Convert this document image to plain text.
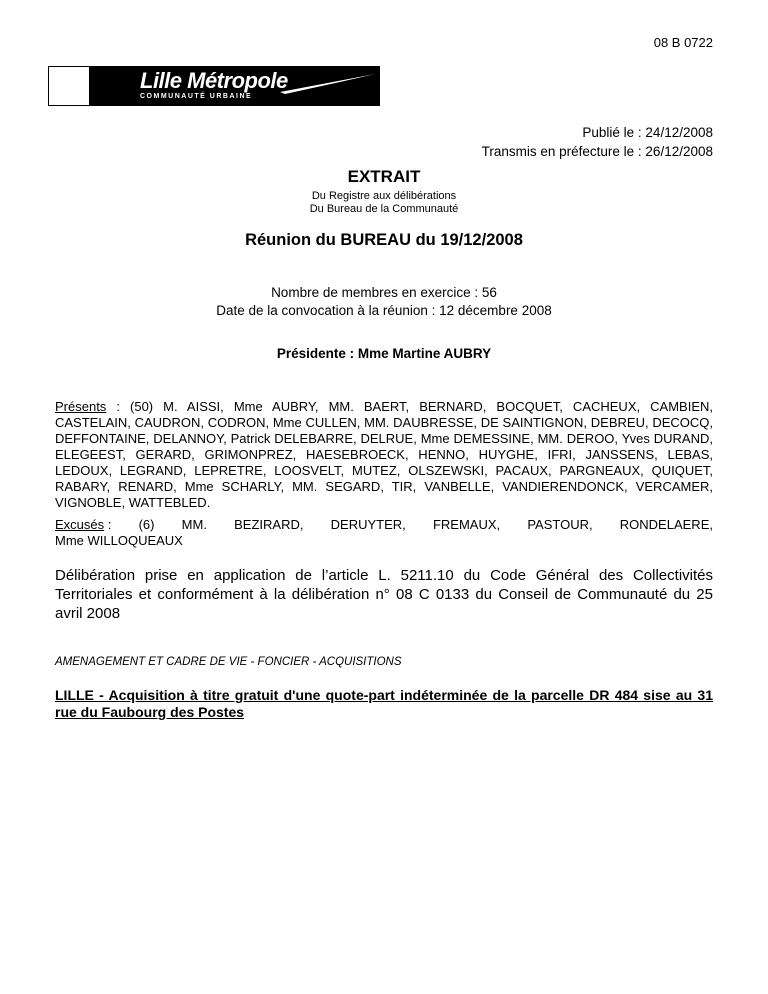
08 B 0722
Lille Métropole
COMMUNAUTÉ URBAINE
Publié le : 24/12/2008
Transmis en préfecture le : 26/12/2008
EXTRAIT
Du Registre aux délibérations
Du Bureau de la Communauté
Réunion du BUREAU du 19/12/2008
Nombre de membres en exercice : 56
Date de la convocation à la réunion : 12 décembre 2008
Présidente : Mme Martine AUBRY
Présents : (50) M. AISSI, Mme AUBRY, MM. BAERT, BERNARD, BOCQUET, CACHEUX, CAMBIEN, CASTELAIN, CAUDRON, CODRON, Mme CULLEN, MM. DAUBRESSE, DE SAINTIGNON, DEBREU, DECOCQ, DEFFONTAINE, DELANNOY, Patrick DELEBARRE, DELRUE, Mme DEMESSINE, MM. DEROO, Yves DURAND, ELEGEEST, GERARD, GRIMONPREZ, HAESEBROECK, HENNO, HUYGHE, IFRI, JANSSENS, LEBAS, LEDOUX, LEGRAND, LEPRETRE, LOOSVELT, MUTEZ, OLSZEWSKI, PACAUX, PARGNEAUX, QUIQUET, RABARY, RENARD, Mme SCHARLY, MM. SEGARD, TIR, VANBELLE, VANDIERENDONCK, VERCAMER, VIGNOBLE, WATTEBLED.
Excusés : (6) MM. BEZIRARD, DERUYTER, FREMAUX, PASTOUR, RONDELAERE,
Mme WILLOQUEAUX
Délibération prise en application de l’article L. 5211.10 du Code Général des Collectivités Territoriales et conformément à la délibération n° 08 C 0133 du Conseil de Communauté du 25 avril 2008
AMENAGEMENT ET CADRE DE VIE - FONCIER - ACQUISITIONS
LILLE - Acquisition à titre gratuit d'une quote-part indéterminée de la parcelle DR 484 sise au 31 rue du Faubourg des Postes
